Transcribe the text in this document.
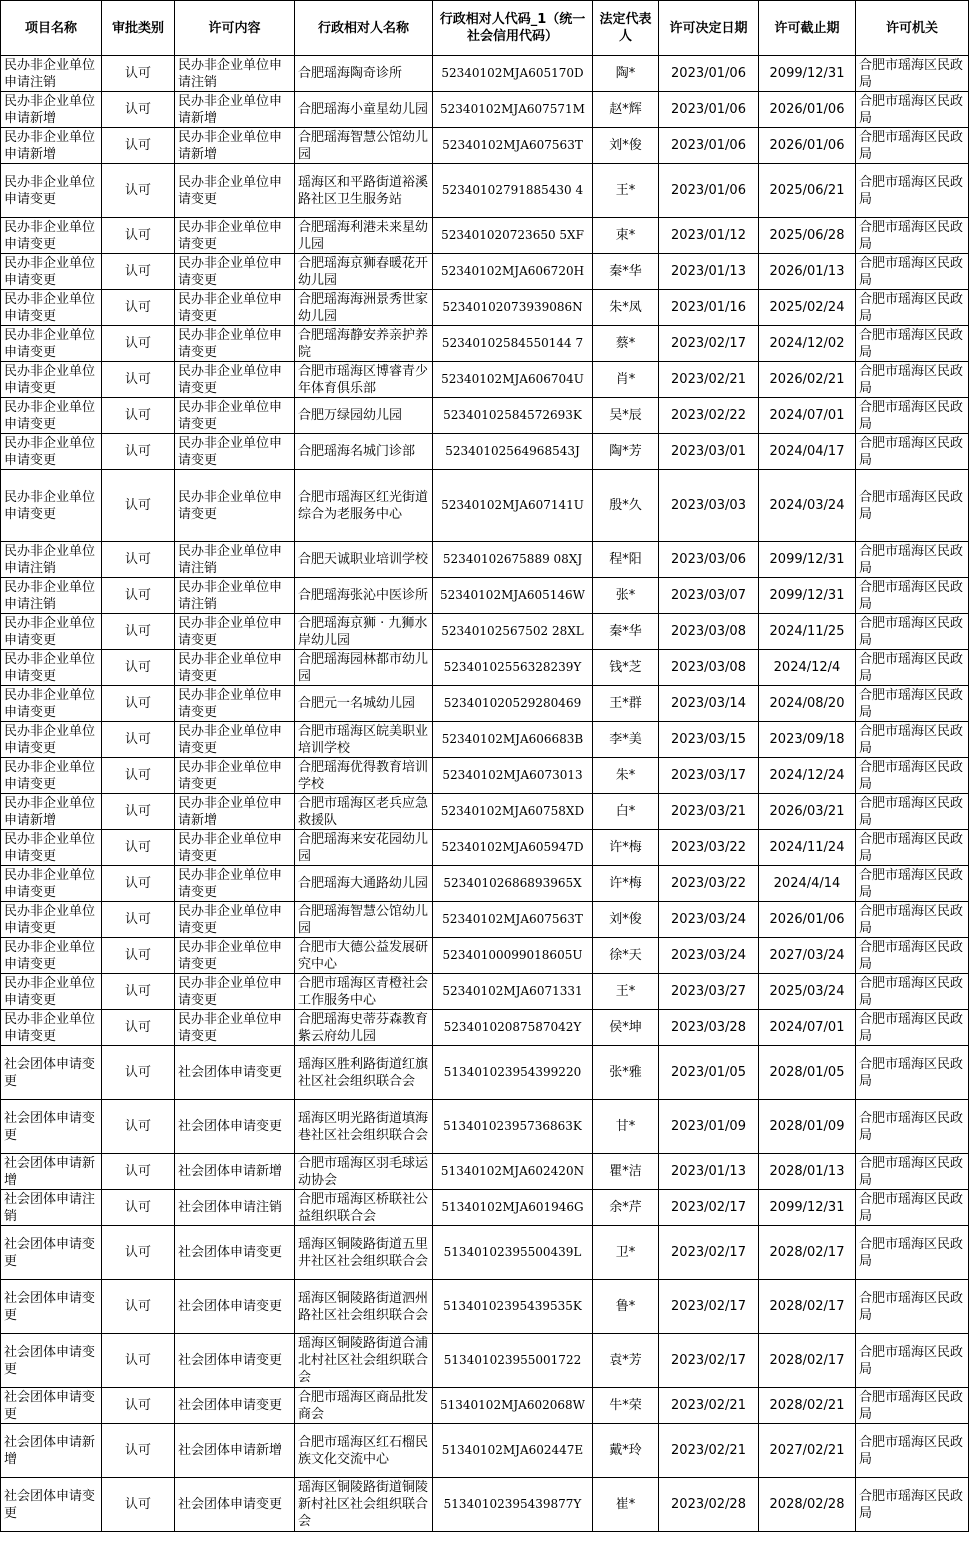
项目名称	审批类别	许可内容	行政相对人名称	行政相对人代码_1（统一社会信用代码）	法定代表人	许可决定日期	许可截止期	许可机关
民办非企业单位申请注销	认可	民办非企业单位申请注销	合肥瑶海陶奇诊所	52340102MJA605170D	陶*	2023/01/06	2099/12/31	合肥市瑶海区民政局
民办非企业单位申请新增	认可	民办非企业单位申请新增	合肥瑶海小童星幼儿园	52340102MJA607571M	赵*辉	2023/01/06	2026/01/06	合肥市瑶海区民政局
民办非企业单位申请新增	认可	民办非企业单位申请新增	合肥瑶海智慧公馆幼儿园	52340102MJA607563T	刘*俊	2023/01/06	2026/01/06	合肥市瑶海区民政局
民办非企业单位申请变更	认可	民办非企业单位申请变更	瑶海区和平路街道裕溪路社区卫生服务站	52340102791885430 4	王*	2023/01/06	2025/06/21	合肥市瑶海区民政局
民办非企业单位申请变更	认可	民办非企业单位申请变更	合肥瑶海利港未来星幼儿园	523401020723650 5XF	束*	2023/01/12	2025/06/28	合肥市瑶海区民政局
民办非企业单位申请变更	认可	民办非企业单位申请变更	合肥瑶海京狮春暖花开幼儿园	52340102MJA606720H	秦*华	2023/01/13	2026/01/13	合肥市瑶海区民政局
民办非企业单位申请变更	认可	民办非企业单位申请变更	合肥瑶海海洲景秀世家幼儿园	52340102073939086N	朱*凤	2023/01/16	2025/02/24	合肥市瑶海区民政局
民办非企业单位申请变更	认可	民办非企业单位申请变更	合肥瑶海静安养亲护养院	52340102584550144 7	蔡*	2023/02/17	2024/12/02	合肥市瑶海区民政局
民办非企业单位申请变更	认可	民办非企业单位申请变更	合肥市瑶海区博睿青少年体育俱乐部	52340102MJA606704U	肖*	2023/02/21	2026/02/21	合肥市瑶海区民政局
民办非企业单位申请变更	认可	民办非企业单位申请变更	合肥万绿园幼儿园	52340102584572693K	吴*辰	2023/02/22	2024/07/01	合肥市瑶海区民政局
民办非企业单位申请变更	认可	民办非企业单位申请变更	合肥瑶海名城门诊部	52340102564968543J	陶*芳	2023/03/01	2024/04/17	合肥市瑶海区民政局
民办非企业单位申请变更	认可	民办非企业单位申请变更	合肥市瑶海区红光街道综合为老服务中心	52340102MJA607141U	殷*久	2023/03/03	2024/03/24	合肥市瑶海区民政局
民办非企业单位申请注销	认可	民办非企业单位申请注销	合肥天诚职业培训学校	52340102675889 08XJ	程*阳	2023/03/06	2099/12/31	合肥市瑶海区民政局
民办非企业单位申请注销	认可	民办非企业单位申请注销	合肥瑶海张沁中医诊所	52340102MJA605146W	张*	2023/03/07	2099/12/31	合肥市瑶海区民政局
民办非企业单位申请变更	认可	民办非企业单位申请变更	合肥瑶海京狮 · 九狮水岸幼儿园	52340102567502 28XL	秦*华	2023/03/08	2024/11/25	合肥市瑶海区民政局
民办非企业单位申请变更	认可	民办非企业单位申请变更	合肥瑶海园林都市幼儿园	52340102556328239Y	钱*芝	2023/03/08	2024/12/4	合肥市瑶海区民政局
民办非企业单位申请变更	认可	民办非企业单位申请变更	合肥元一名城幼儿园	523401020529280469	王*群	2023/03/14	2024/08/20	合肥市瑶海区民政局
民办非企业单位申请变更	认可	民办非企业单位申请变更	合肥市瑶海区皖美职业培训学校	52340102MJA606683B	李*美	2023/03/15	2023/09/18	合肥市瑶海区民政局
民办非企业单位申请变更	认可	民办非企业单位申请变更	合肥瑶海优得教育培训学校	52340102MJA6073013	朱*	2023/03/17	2024/12/24	合肥市瑶海区民政局
民办非企业单位申请新增	认可	民办非企业单位申请新增	合肥市瑶海区老兵应急救援队	52340102MJA60758XD	白*	2023/03/21	2026/03/21	合肥市瑶海区民政局
民办非企业单位申请变更	认可	民办非企业单位申请变更	合肥瑶海来安花园幼儿园	52340102MJA605947D	许*梅	2023/03/22	2024/11/24	合肥市瑶海区民政局
民办非企业单位申请变更	认可	民办非企业单位申请变更	合肥瑶海大通路幼儿园	52340102686893965X	许*梅	2023/03/22	2024/4/14	合肥市瑶海区民政局
民办非企业单位申请变更	认可	民办非企业单位申请变更	合肥瑶海智慧公馆幼儿园	52340102MJA607563T	刘*俊	2023/03/24	2026/01/06	合肥市瑶海区民政局
民办非企业单位申请变更	认可	民办非企业单位申请变更	合肥市大德公益发展研究中心	52340100099018605U	徐*天	2023/03/24	2027/03/24	合肥市瑶海区民政局
民办非企业单位申请变更	认可	民办非企业单位申请变更	合肥市瑶海区青橙社会工作服务中心	52340102MJA6071331	王*	2023/03/27	2025/03/24	合肥市瑶海区民政局
民办非企业单位申请变更	认可	民办非企业单位申请变更	合肥瑶海史蒂芬森教育紫云府幼儿园	52340102087587042Y	侯*坤	2023/03/28	2024/07/01	合肥市瑶海区民政局
社会团体申请变更	认可	社会团体申请变更	瑶海区胜利路街道红旗社区社会组织联合会	513401023954399220	张*雅	2023/01/05	2028/01/05	合肥市瑶海区民政局
社会团体申请变更	认可	社会团体申请变更	瑶海区明光路街道填海巷社区社会组织联合会	51340102395736863K	甘*	2023/01/09	2028/01/09	合肥市瑶海区民政局
社会团体申请新增	认可	社会团体申请新增	合肥市瑶海区羽毛球运动协会	51340102MJA602420N	瞿*洁	2023/01/13	2028/01/13	合肥市瑶海区民政局
社会团体申请注销	认可	社会团体申请注销	合肥市瑶海区桥联社公益组织联合会	51340102MJA601946G	余*芹	2023/02/17	2099/12/31	合肥市瑶海区民政局
社会团体申请变更	认可	社会团体申请变更	瑶海区铜陵路街道五里井社区社会组织联合会	51340102395500439L	卫*	2023/02/17	2028/02/17	合肥市瑶海区民政局
社会团体申请变更	认可	社会团体申请变更	瑶海区铜陵路街道泗州路社区社会组织联合会	51340102395439535K	鲁*	2023/02/17	2028/02/17	合肥市瑶海区民政局
社会团体申请变更	认可	社会团体申请变更	瑶海区铜陵路街道合浦北村社区社会组织联合会	513401023955001722	袁*芳	2023/02/17	2028/02/17	合肥市瑶海区民政局
社会团体申请变更	认可	社会团体申请变更	合肥市瑶海区商品批发商会	51340102MJA602068W	牛*荣	2023/02/21	2028/02/21	合肥市瑶海区民政局
社会团体申请新增	认可	社会团体申请新增	合肥市瑶海区红石榴民族文化交流中心	51340102MJA602447E	戴*玲	2023/02/21	2027/02/21	合肥市瑶海区民政局
社会团体申请变更	认可	社会团体申请变更	瑶海区铜陵路街道铜陵新村社区社会组织联合会	51340102395439877Y	崔*	2023/02/28	2028/02/28	合肥市瑶海区民政局
